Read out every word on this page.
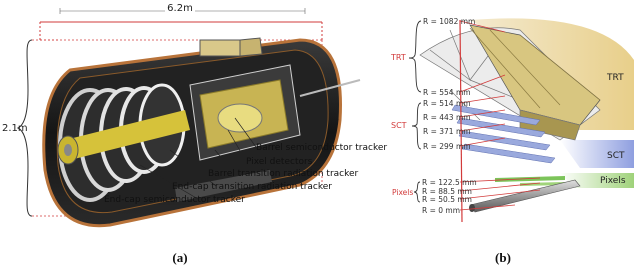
6.2m
2.1m
Barrel semiconductor tracker
Pixel detectors
Barrel transition radiation tracker
End-cap transition radiation tracker
End-cap semiconductor tracker
(a)
R = 1082 mm
R = 554 mm
R = 514 mm
R = 443 mm
R = 371 mm
R = 299 mm
R = 122.5 mm
R = 88.5 mm
R = 50.5 mm
R = 0 mm
TRT
SCT
Pixels
TRT
SCT
Pixels
(b)
